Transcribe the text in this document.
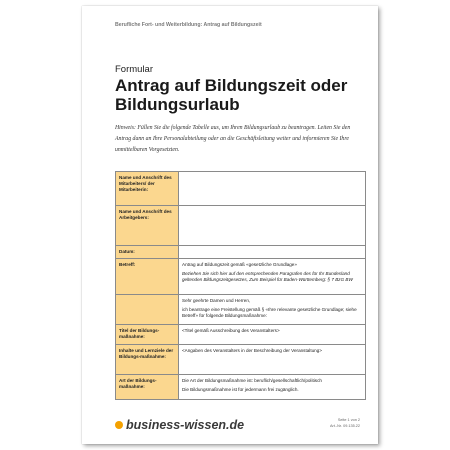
Berufliche Fort- und Weiterbildung: Antrag auf Bildungszeit
Formular
Antrag auf Bildungszeit oder Bildungsurlaub
Hinweis: Füllen Sie die folgende Tabelle aus, um Ihren Bildungsurlaub zu beantragen. Leiten Sie den Antrag dann an Ihre Personalabteilung oder an die Geschäftsleitung weiter und informieren Sie Ihre unmittelbaren Vorgesetzten.
Name und Anschrift des Mitarbeiters/ der Mitarbeiterin:	
Name und Anschrift des Arbeitgebers:	
Datum:	
Betreff:	Antrag auf Bildungszeit gemäß «gesetzliche Grundlage»

Beziehen Sie sich hier auf den entsprechenden Paragrafen des für Ihr Bundesland geltenden Bildungszeitgesetzes, Zum Beispiel für Baden-Württemberg: § 7 BzG BW

	Sehr geehrte Damen und Herren,

ich beantrage eine Freistellung gemäß § «Ihre relevante gesetzliche Grundlage; siehe Betreff» für folgende Bildungsmaßnahme:

Titel der Bildungs-maßnahme:	<Titel gemäß Ausschreibung des Veranstalters>

Inhalte und Lernziele der Bildungs-maßnahme:	<Angaben des Veranstalters in der Beschreibung der Veranstaltung>

Art der Bildungs-maßnahme:	Die Art der Bildungsmaßnahme ist: beruflich/gesellschaftlich/politisch

Die Bildungsmaßnahme ist für jedermann frei zugänglich.

business-wissen.de	Seite 1 von 2
Art.-Nr. 09.135.22
